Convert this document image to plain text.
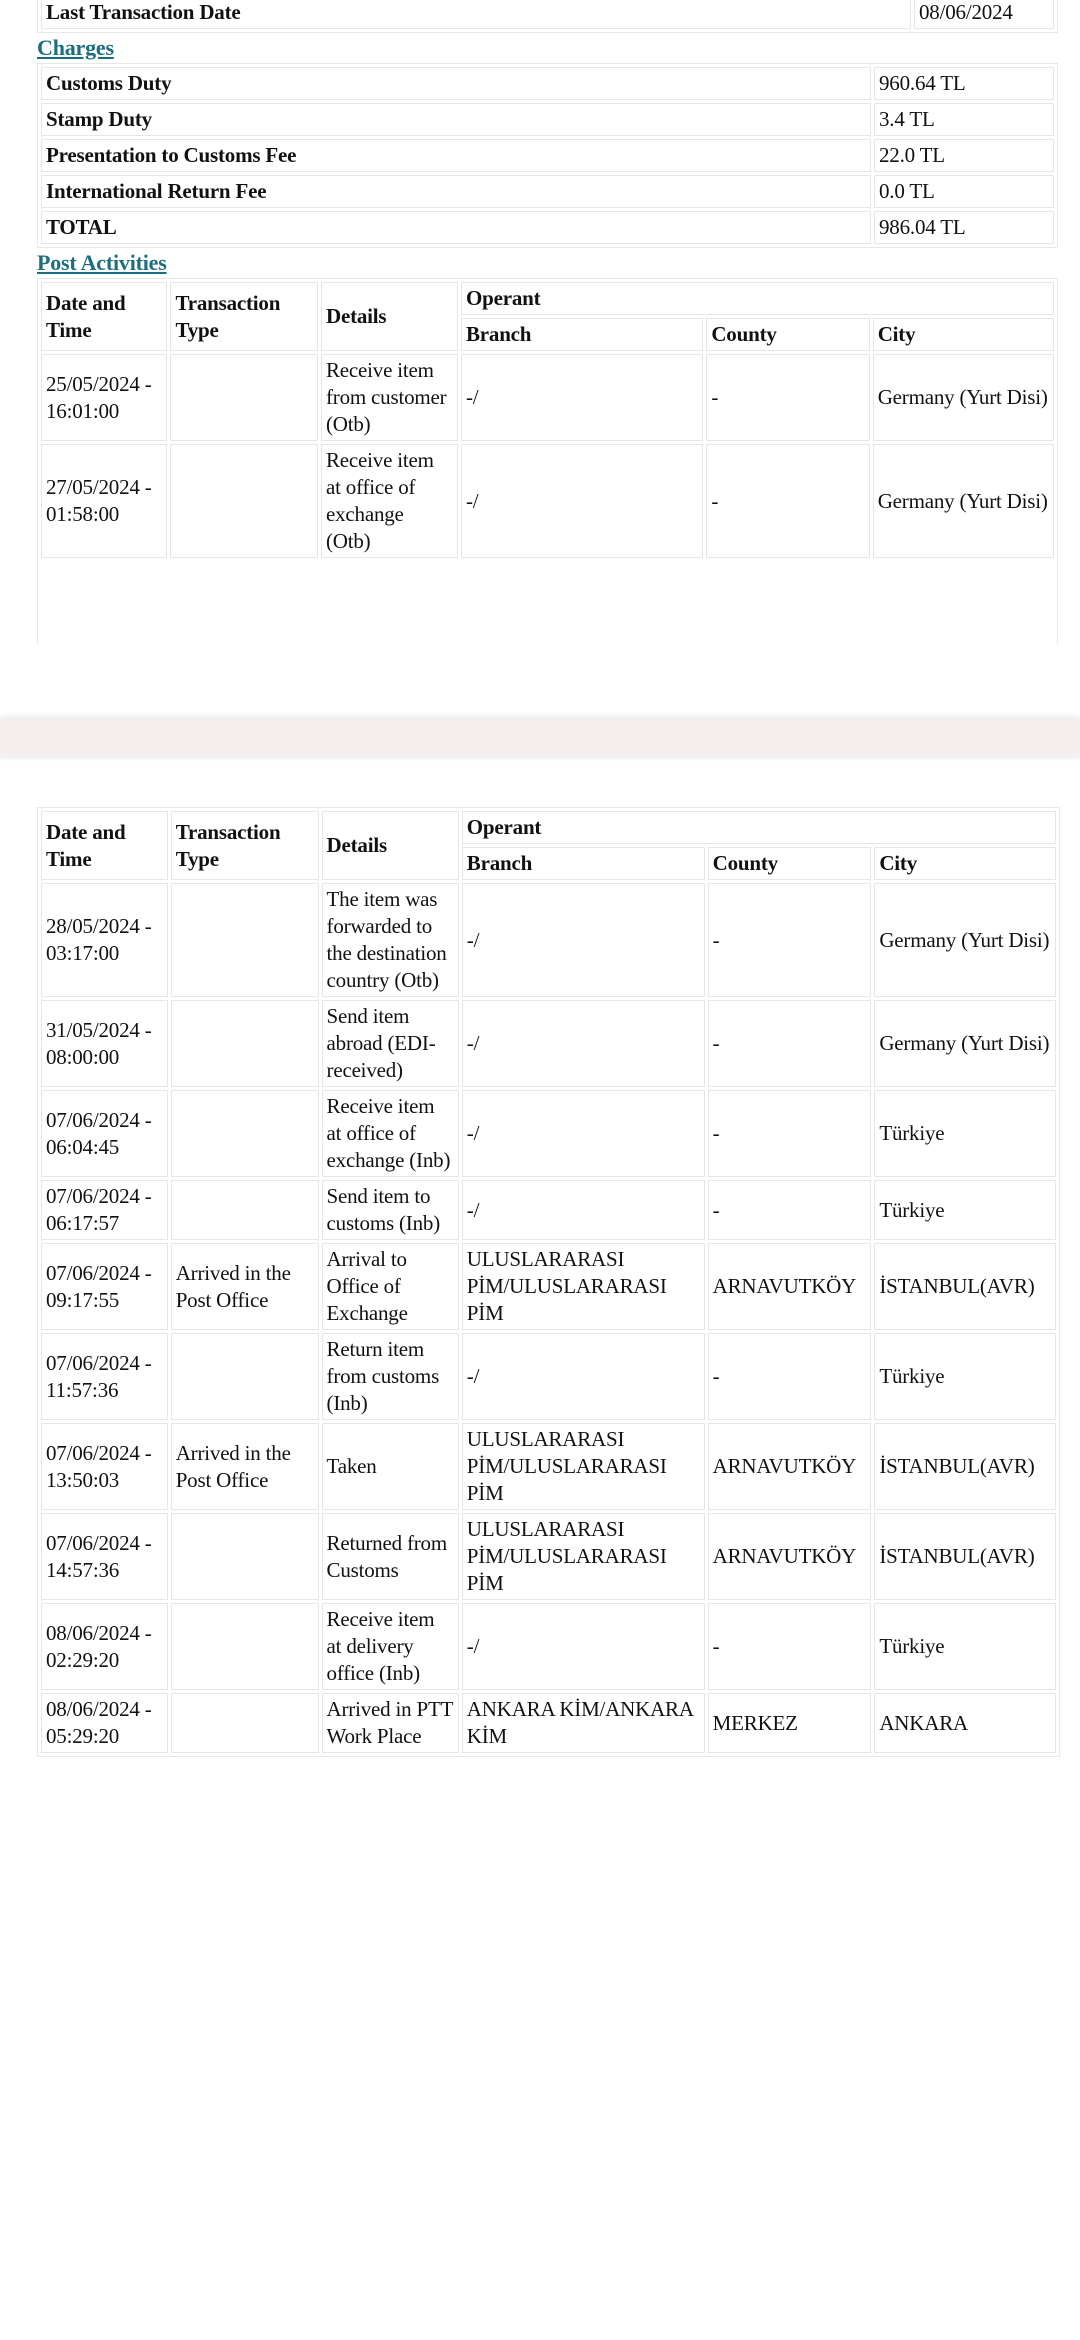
Last Transaction Date	08/06/2024
Charges
Customs Duty	960.64 TL
Stamp Duty	3.4 TL
Presentation to Customs Fee	22.0 TL
International Return Fee	0.0 TL
TOTAL	986.04 TL
Post Activities
Date and Time	Transaction Type	Details	Operant		
			Branch	County	City
25/05/2024 - 16:01:00		Receive item from customer (Otb)	-/	-	Germany (Yurt Disi)
27/05/2024 - 01:58:00		Receive item at office of exchange (Otb)	-/	-	Germany (Yurt Disi)
Date and Time	Transaction Type	Details	Operant		
			Branch	County	City
28/05/2024 - 03:17:00		The item was forwarded to the destination country (Otb)	-/	-	Germany (Yurt Disi)
31/05/2024 - 08:00:00		Send item abroad (EDI-received)	-/	-	Germany (Yurt Disi)
07/06/2024 - 06:04:45		Receive item at office of exchange (Inb)	-/	-	Türkiye
07/06/2024 - 06:17:57		Send item to customs (Inb)	-/	-	Türkiye
07/06/2024 - 09:17:55	Arrived in the Post Office	Arrival to Office of Exchange	ULUSLARARASI PİM/ULUSLARARASI PİM	ARNAVUTKÖY	İSTANBUL(AVR)
07/06/2024 - 11:57:36		Return item from customs (Inb)	-/	-	Türkiye
07/06/2024 - 13:50:03	Arrived in the Post Office	Taken	ULUSLARARASI PİM/ULUSLARARASI PİM	ARNAVUTKÖY	İSTANBUL(AVR)
07/06/2024 - 14:57:36		Returned from Customs	ULUSLARARASI PİM/ULUSLARARASI PİM	ARNAVUTKÖY	İSTANBUL(AVR)
08/06/2024 - 02:29:20		Receive item at delivery office (Inb)	-/	-	Türkiye
08/06/2024 - 05:29:20		Arrived in PTT Work Place	ANKARA KİM/ANKARA KİM	MERKEZ	ANKARA
